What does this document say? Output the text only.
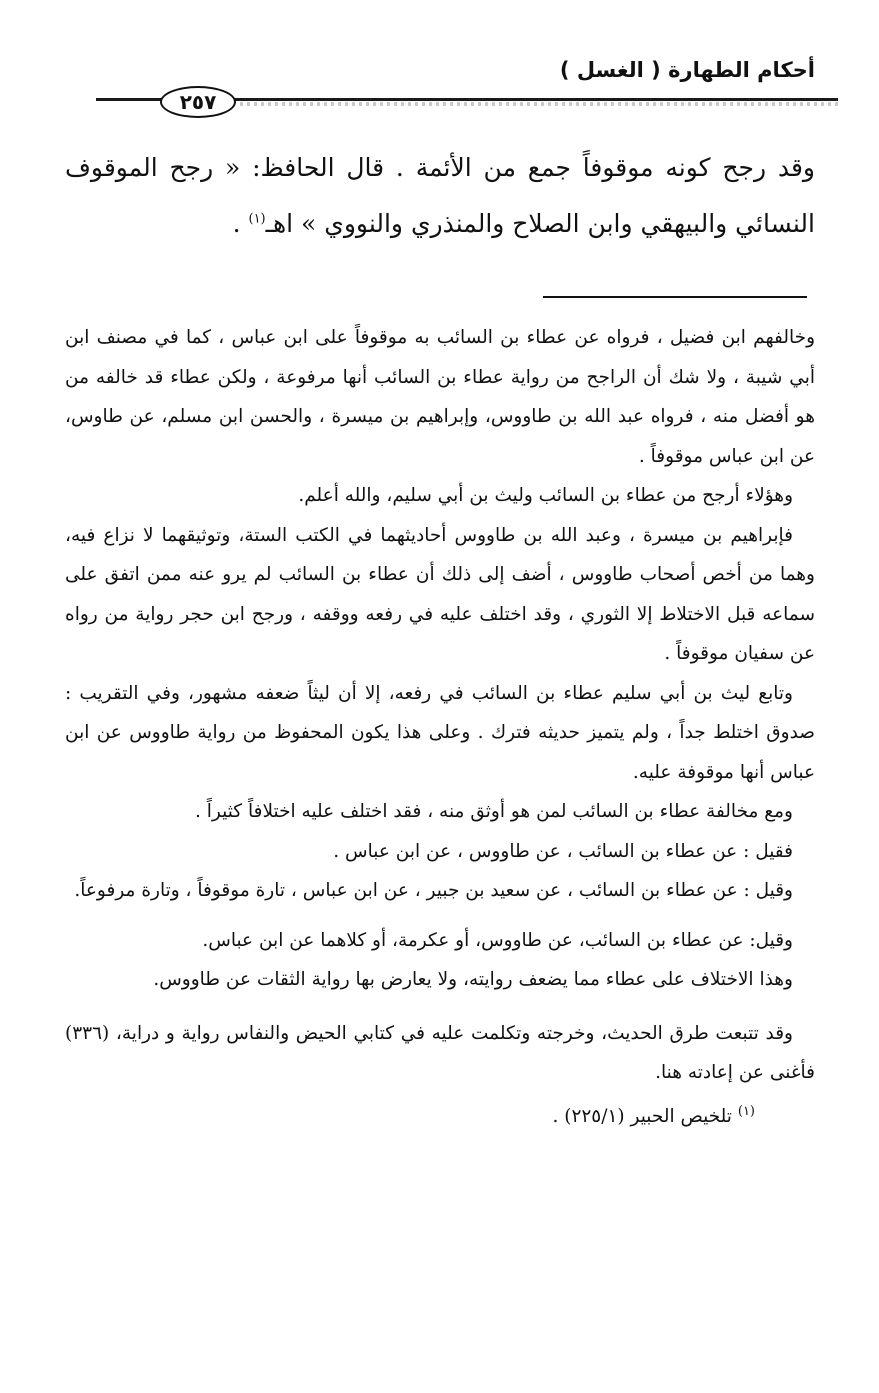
أحكام الطهارة ( الغسل )
٢٥٧

وقد رجح كونه موقوفاً جمع من الأئمة . قال الحافظ: « رجح الموقوف النسائي والبيهقي وابن الصلاح والمنذري والنووي » اهـ$^{(١)}$ .

وخالفهم ابن فضيل ، فرواه عن عطاء بن السائب به موقوفاً على ابن عباس ، كما في مصنف ابن أبي شيبة ، ولا شك أن الراجح من رواية عطاء بن السائب أنها مرفوعة ، ولكن عطاء قد خالفه من هو أفضل منه ، فرواه عبد الله بن طاووس، وإبراهيم بن ميسرة ، والحسن ابن مسلم، عن طاوس، عن ابن عباس موقوفاً .

وهؤلاء أرجح من عطاء بن السائب وليث بن أبي سليم، والله أعلم.

فإبراهيم بن ميسرة ، وعبد الله بن طاووس أحاديثهما في الكتب الستة، وتوثيقهما لا نزاع فيه، وهما من أخص أصحاب طاووس ، أضف إلى ذلك أن عطاء بن السائب لم يرو عنه ممن اتفق على سماعه قبل الاختلاط إلا الثوري ، وقد اختلف عليه في رفعه ووقفه ، ورجح ابن حجر رواية من رواه عن سفيان موقوفاً .

وتابع ليث بن أبي سليم عطاء بن السائب في رفعه، إلا أن ليثاً ضعفه مشهور، وفي التقريب : صدوق اختلط جداً ، ولم يتميز حديثه فترك . وعلى هذا يكون المحفوظ من رواية طاووس عن ابن عباس أنها موقوفة عليه.

ومع مخالفة عطاء بن السائب لمن هو أوثق منه ، فقد اختلف عليه اختلافاً كثيراً .

فقيل : عن عطاء بن السائب ، عن طاووس ، عن ابن عباس .

وقيل : عن عطاء بن السائب ، عن سعيد بن جبير ، عن ابن عباس ، تارة موقوفاً ، وتارة مرفوعاً.

وقيل: عن عطاء بن السائب، عن طاووس، أو عكرمة، أو كلاهما عن ابن عباس.

وهذا الاختلاف على عطاء مما يضعف روايته، ولا يعارض بها رواية الثقات عن طاووس.

وقد تتبعت طرق الحديث، وخرجته وتكلمت عليه في كتابي الحيض والنفاس رواية و دراية، (٣٣٦) فأغنى عن إعادته هنا.

$^{(١)}$ تلخيص الحبير (٢٢٥/١) .
